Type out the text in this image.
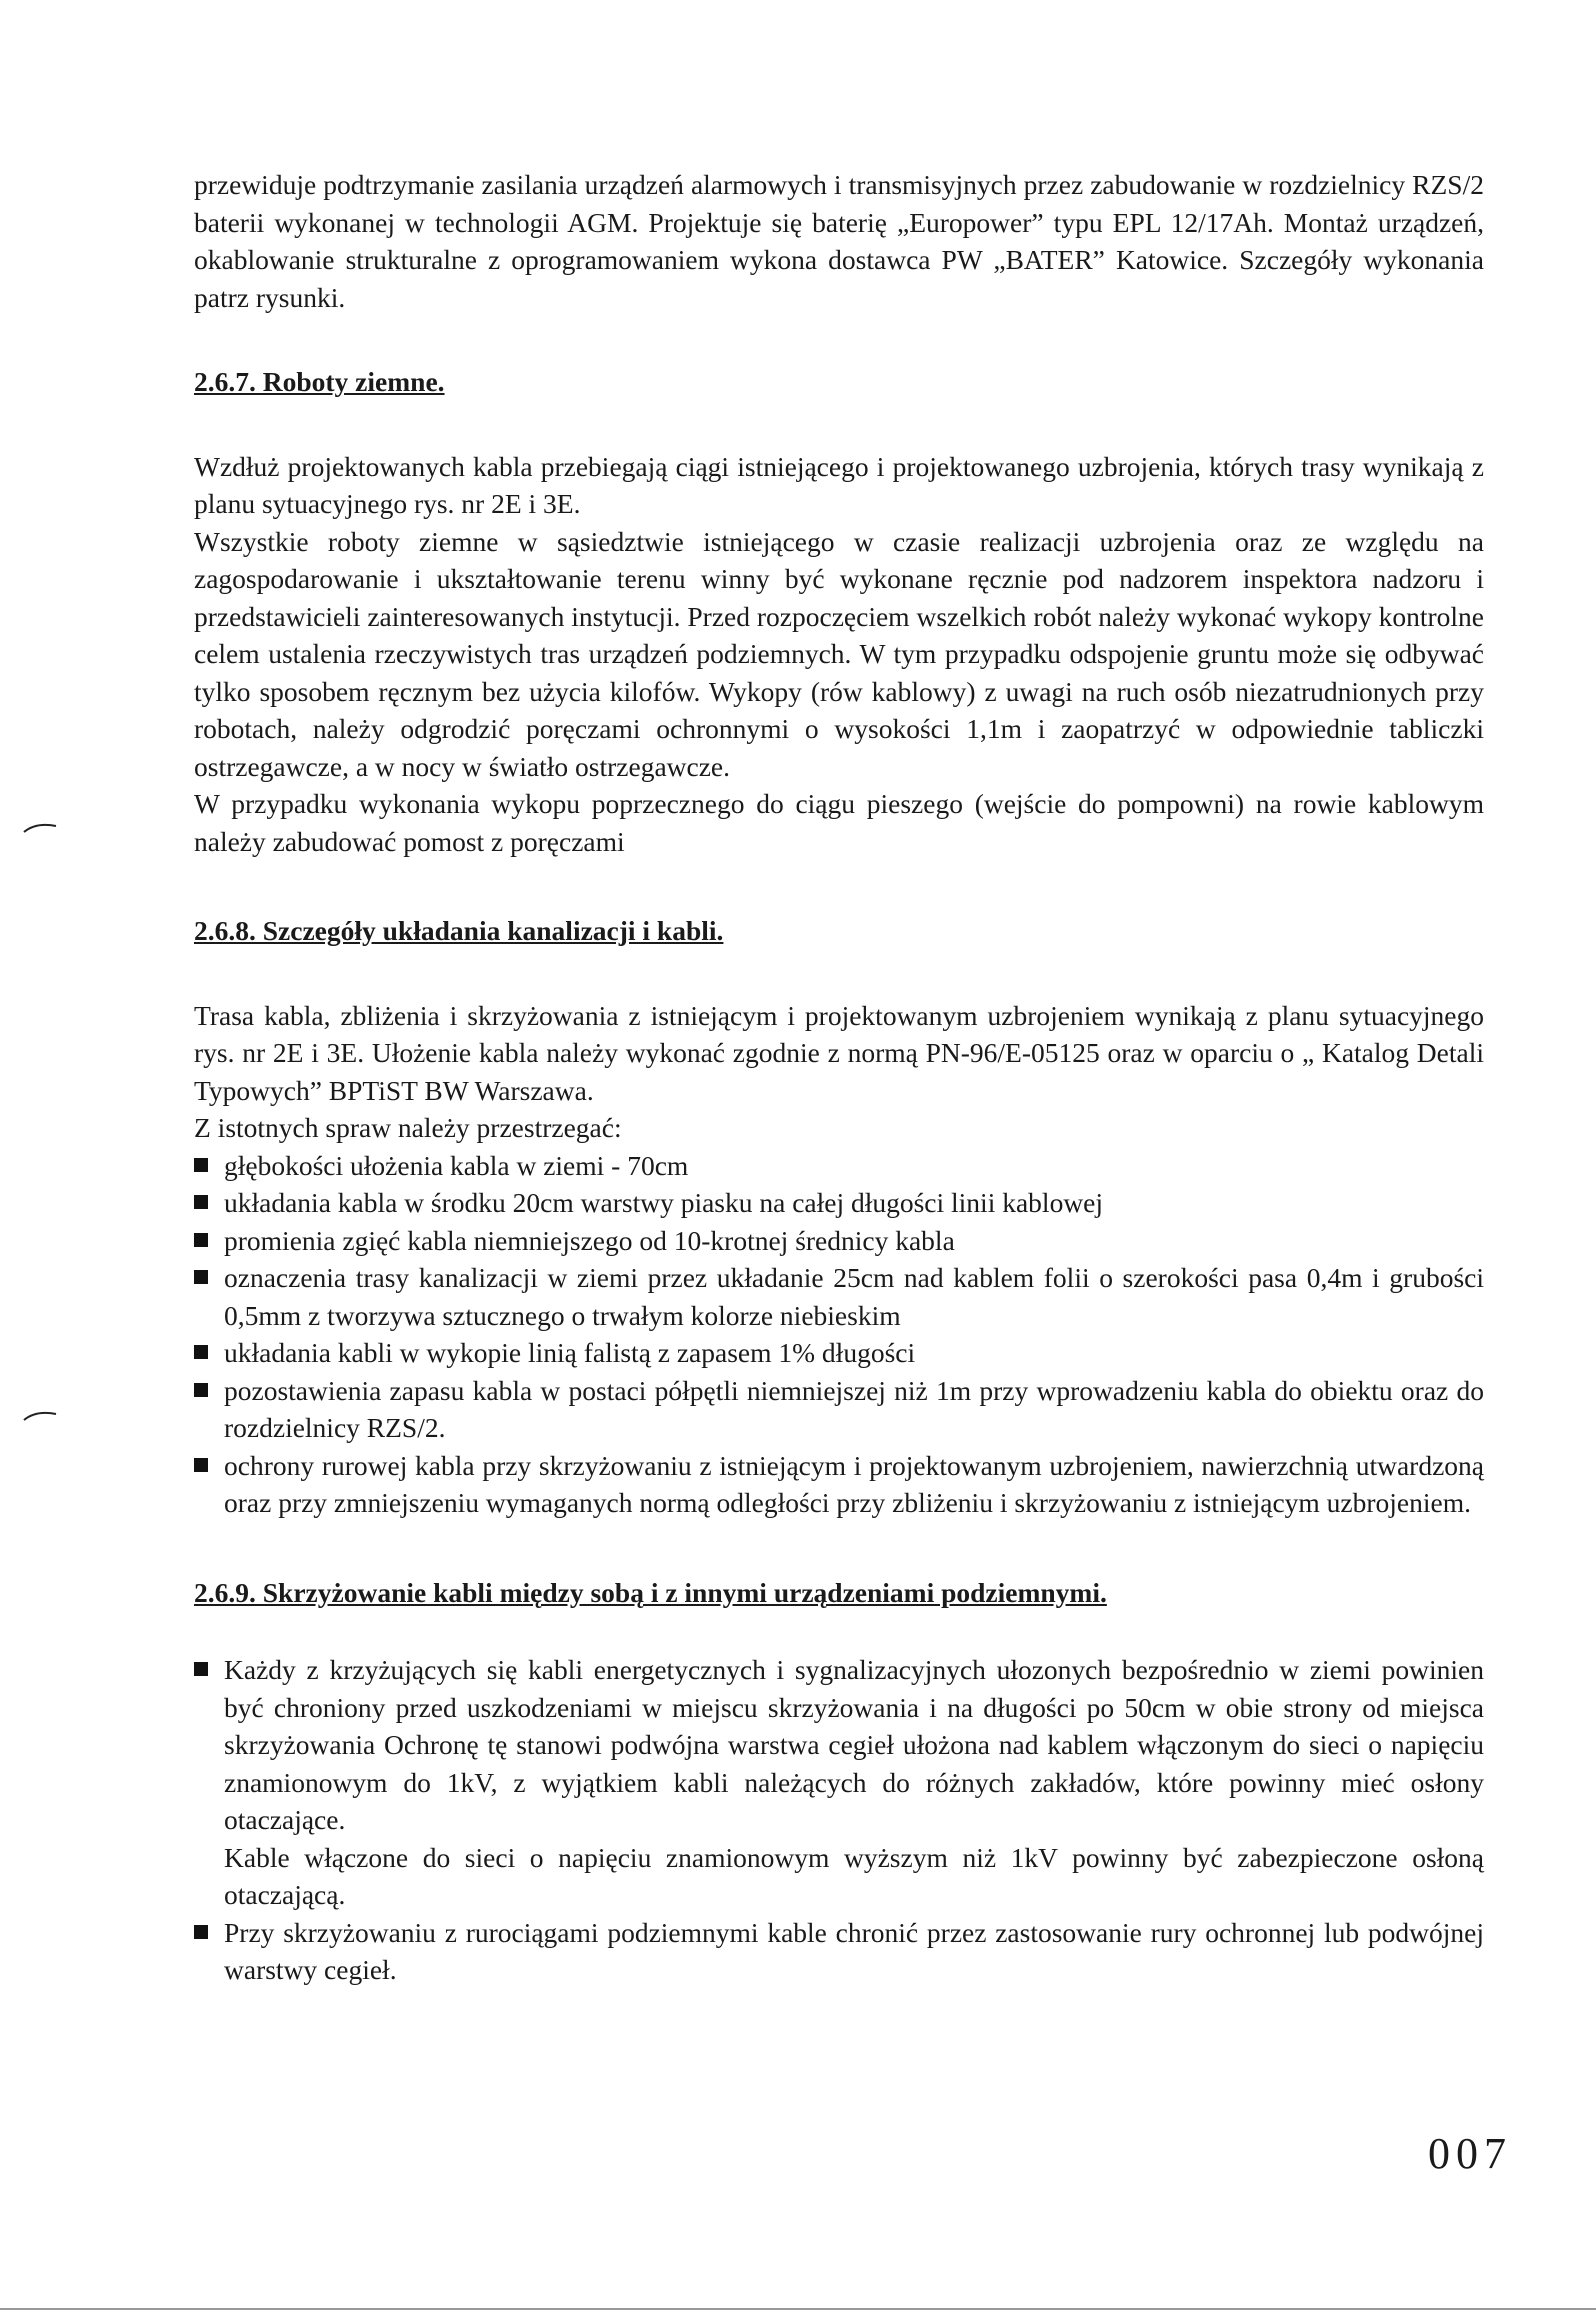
przewiduje podtrzymanie zasilania urządzeń alarmowych i transmisyjnych przez zabudowanie w rozdzielnicy RZS/2 baterii wykonanej w technologii AGM. Projektuje się baterię „Europower” typu EPL 12/17Ah. Montaż urządzeń, okablowanie strukturalne z oprogramowaniem wykona dostawca PW „BATER” Katowice. Szczegóły wykonania patrz rysunki.

2.6.7. Roboty ziemne.

Wzdłuż projektowanych kabla przebiegają ciągi istniejącego i projektowanego uzbrojenia, których trasy wynikają z planu sytuacyjnego rys. nr 2E i 3E.

Wszystkie roboty ziemne w sąsiedztwie istniejącego w czasie realizacji uzbrojenia oraz ze względu na zagospodarowanie i ukształtowanie terenu winny być wykonane ręcznie pod nadzorem inspektora nadzoru i przedstawicieli zainteresowanych instytucji. Przed rozpoczęciem wszelkich robót należy wykonać wykopy kontrolne celem ustalenia rzeczywistych tras urządzeń podziemnych. W tym przypadku odspojenie gruntu może się odbywać tylko sposobem ręcznym bez użycia kilofów. Wykopy (rów kablowy) z uwagi na ruch osób niezatrudnionych przy robotach, należy odgrodzić poręczami ochronnymi o wysokości 1,1m i zaopatrzyć w odpowiednie tabliczki ostrzegawcze, a w nocy w światło ostrzegawcze.

W przypadku wykonania wykopu poprzecznego do ciągu pieszego (wejście do pompowni) na rowie kablowym należy zabudować pomost z poręczami

2.6.8. Szczegóły układania kanalizacji i kabli.

Trasa kabla, zbliżenia i skrzyżowania z istniejącym i projektowanym uzbrojeniem wynikają z planu sytuacyjnego rys. nr 2E i 3E. Ułożenie kabla należy wykonać zgodnie z normą PN-96/E-05125 oraz w oparciu o „ Katalog Detali Typowych” BPTiST BW Warszawa.

Z istotnych spraw należy przestrzegać:

głębokości ułożenia kabla w ziemi - 70cm
układania kabla w środku 20cm warstwy piasku na całej długości linii kablowej
promienia zgięć kabla niemniejszego od 10-krotnej średnicy kabla
oznaczenia trasy kanalizacji w ziemi przez układanie 25cm nad kablem folii o szerokości pasa 0,4m i grubości 0,5mm z tworzywa sztucznego o trwałym kolorze niebieskim
układania kabli w wykopie linią falistą z zapasem 1% długości
pozostawienia zapasu kabla w postaci półpętli niemniejszej niż 1m przy wprowadzeniu kabla do obiektu oraz do rozdzielnicy RZS/2.
ochrony rurowej kabla przy skrzyżowaniu z istniejącym i projektowanym uzbrojeniem, nawierzchnią utwardzoną oraz przy zmniejszeniu wymaganych normą odległości przy zbliżeniu i skrzyżowaniu z istniejącym uzbrojeniem.

2.6.9. Skrzyżowanie kabli między sobą i z innymi urządzeniami podziemnymi.

Każdy z krzyżujących się kabli energetycznych i sygnalizacyjnych ułozonych bezpośrednio w ziemi powinien być chroniony przed uszkodzeniami w miejscu skrzyżowania i na długości po 50cm w obie strony od miejsca skrzyżowania Ochronę tę stanowi podwójna warstwa cegieł ułożona nad kablem włączonym do sieci o napięciu znamionowym do 1kV, z wyjątkiem kabli należących do różnych zakładów, które powinny mieć osłony otaczające.
Kable włączone do sieci o napięciu znamionowym wyższym niż 1kV powinny być zabezpieczone osłoną otaczającą.
Przy skrzyżowaniu z rurociągami podziemnymi kable chronić przez zastosowanie rury ochronnej lub podwójnej warstwy cegieł.
007
